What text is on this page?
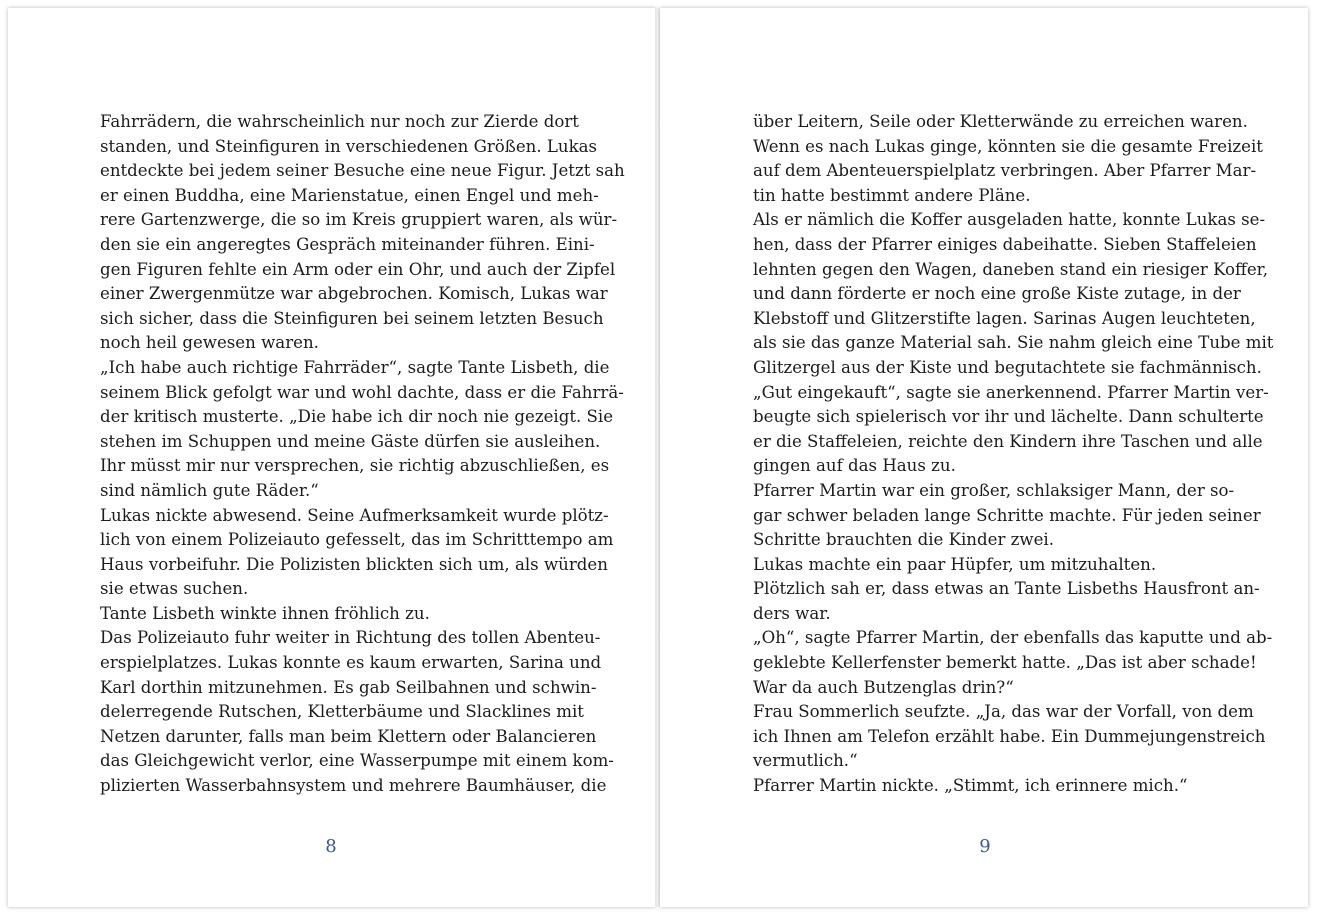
Fahrrädern, die wahrscheinlich nur noch zur Zierde dort
standen, und Steinfiguren in verschiedenen Größen. Lukas
entdeckte bei jedem seiner Besuche eine neue Figur. Jetzt sah
er einen Buddha, eine Marienstatue, einen Engel und meh-
rere Gartenzwerge, die so im Kreis gruppiert waren, als wür-
den sie ein angeregtes Gespräch miteinander führen. Eini-
gen Figuren fehlte ein Arm oder ein Ohr, und auch der Zipfel
einer Zwergenmütze war abgebrochen. Komisch, Lukas war
sich sicher, dass die Steinfiguren bei seinem letzten Besuch
noch heil gewesen waren.
„Ich habe auch richtige Fahrräder“, sagte Tante Lisbeth, die
seinem Blick gefolgt war und wohl dachte, dass er die Fahrrä-
der kritisch musterte. „Die habe ich dir noch nie gezeigt. Sie
stehen im Schuppen und meine Gäste dürfen sie ausleihen.
Ihr müsst mir nur versprechen, sie richtig abzuschließen, es
sind nämlich gute Räder.“
Lukas nickte abwesend. Seine Aufmerksamkeit wurde plötz-
lich von einem Polizeiauto gefesselt, das im Schritttempo am
Haus vorbeifuhr. Die Polizisten blickten sich um, als würden
sie etwas suchen.
Tante Lisbeth winkte ihnen fröhlich zu.
Das Polizeiauto fuhr weiter in Richtung des tollen Abenteu-
erspielplatzes. Lukas konnte es kaum erwarten, Sarina und
Karl dorthin mitzunehmen. Es gab Seilbahnen und schwin-
delerregende Rutschen, Kletterbäume und Slacklines mit
Netzen darunter, falls man beim Klettern oder Balancieren
das Gleichgewicht verlor, eine Wasserpumpe mit einem kom-
plizierten Wasserbahnsystem und mehrere Baumhäuser, die
8
über Leitern, Seile oder Kletterwände zu erreichen waren.
Wenn es nach Lukas ginge, könnten sie die gesamte Freizeit
auf dem Abenteuerspielplatz verbringen. Aber Pfarrer Mar-
tin hatte bestimmt andere Pläne.
Als er nämlich die Koffer ausgeladen hatte, konnte Lukas se-
hen, dass der Pfarrer einiges dabeihatte. Sieben Staffeleien
lehnten gegen den Wagen, daneben stand ein riesiger Koffer,
und dann förderte er noch eine große Kiste zutage, in der
Klebstoff und Glitzerstifte lagen. Sarinas Augen leuchteten,
als sie das ganze Material sah. Sie nahm gleich eine Tube mit
Glitzergel aus der Kiste und begutachtete sie fachmännisch.
„Gut eingekauft“, sagte sie anerkennend. Pfarrer Martin ver-
beugte sich spielerisch vor ihr und lächelte. Dann schulterte
er die Staffeleien, reichte den Kindern ihre Taschen und alle
gingen auf das Haus zu.
Pfarrer Martin war ein großer, schlaksiger Mann, der so-
gar schwer beladen lange Schritte machte. Für jeden seiner
Schritte brauchten die Kinder zwei.
Lukas machte ein paar Hüpfer, um mitzuhalten.
Plötzlich sah er, dass etwas an Tante Lisbeths Hausfront an-
ders war.
„Oh“, sagte Pfarrer Martin, der ebenfalls das kaputte und ab-
geklebte Kellerfenster bemerkt hatte. „Das ist aber schade!
War da auch Butzenglas drin?“
Frau Sommerlich seufzte. „Ja, das war der Vorfall, von dem
ich Ihnen am Telefon erzählt habe. Ein Dummejungenstreich
vermutlich.“
Pfarrer Martin nickte. „Stimmt, ich erinnere mich.“
9
